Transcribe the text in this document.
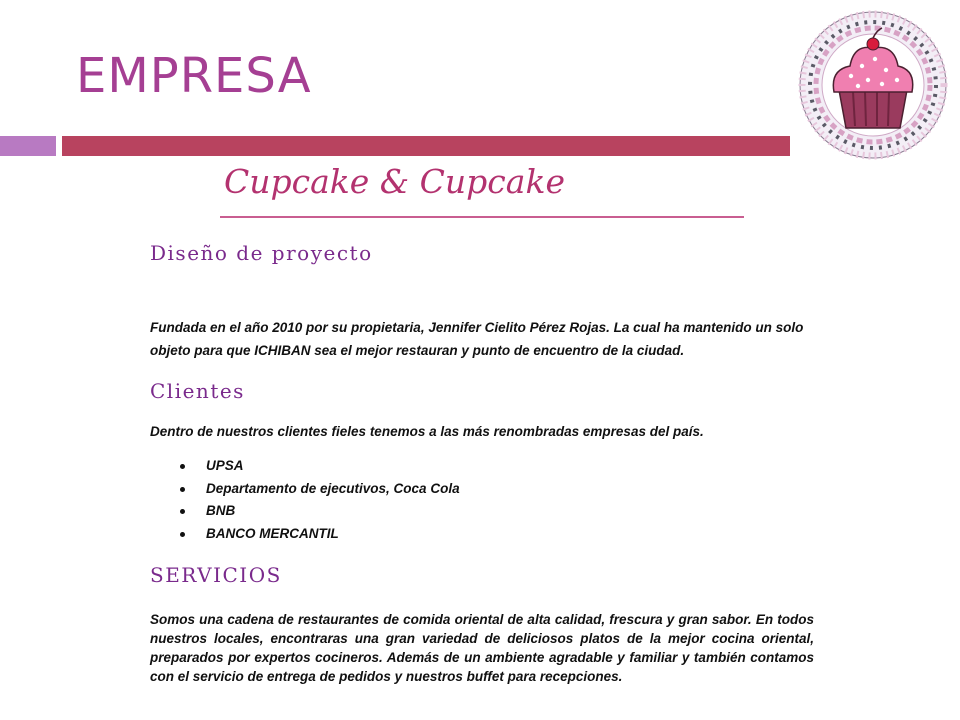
EMPRESA
Cupcake & Cupcake
Diseño de proyecto

Fundada en el año 2010 por su propietaria, Jennifer Cielito Pérez Rojas. La cual ha mantenido un solo objeto para que ICHIBAN sea el mejor restauran y punto de encuentro de la ciudad.

Clientes

Dentro de nuestros clientes fieles tenemos a las más renombradas empresas del país.

UPSA
Departamento de ejecutivos, Coca Cola
BNB
BANCO MERCANTIL
SERVICIOS

Somos una cadena de restaurantes de comida oriental de alta calidad, frescura y gran sabor. En todos nuestros locales, encontraras una gran variedad de deliciosos platos de la mejor cocina oriental, preparados por expertos cocineros. Además de un ambiente agradable y familiar y también contamos con el servicio de entrega de pedidos y nuestros buffet para recepciones.
